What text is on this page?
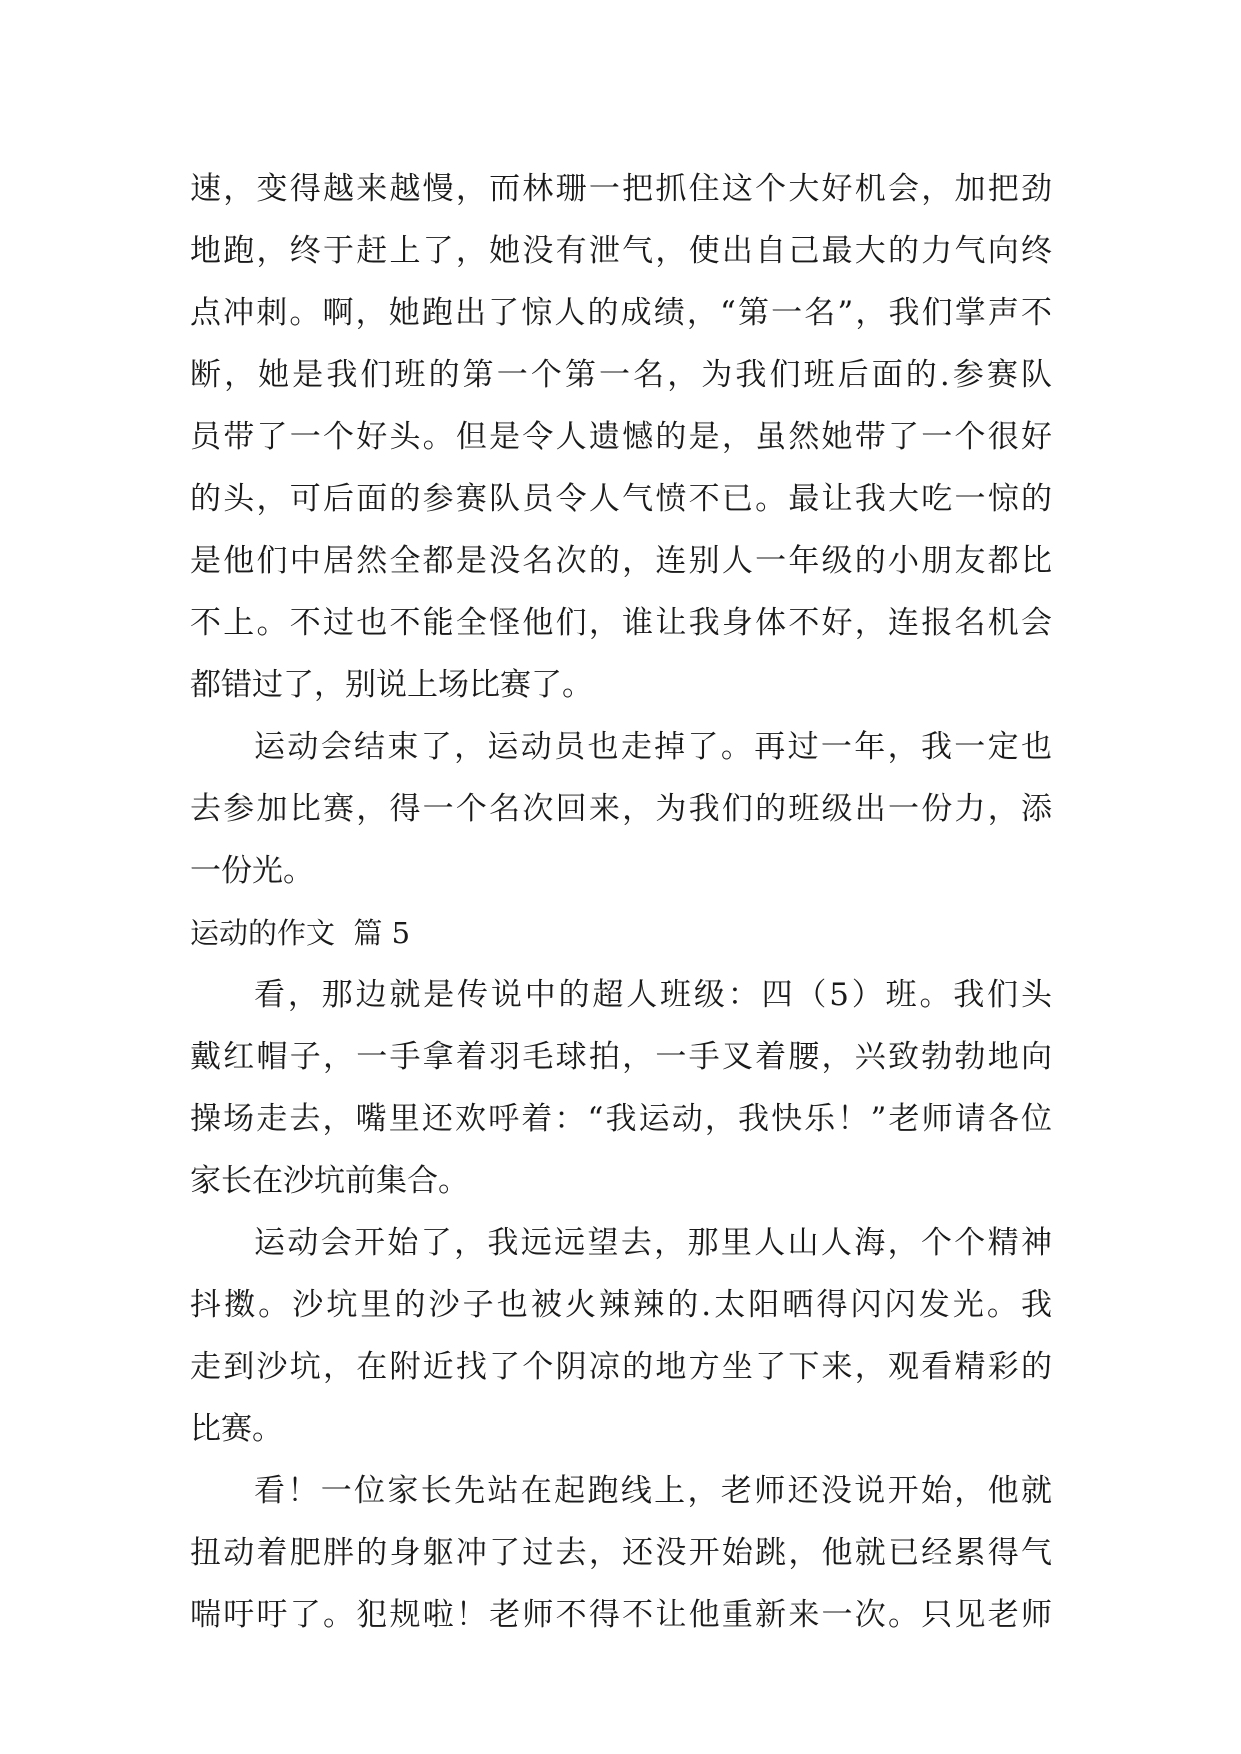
速，变得越来越慢，而林珊一把抓住这个大好机会，加把劲
地跑，终于赶上了，她没有泄气，使出自己最大的力气向终
点冲刺。啊，她跑出了惊人的成绩，“第一名”，我们掌声不
断，她是我们班的第一个第一名，为我们班后面的.参赛队
员带了一个好头。但是令人遗憾的是，虽然她带了一个很好
的头，可后面的参赛队员令人气愤不已。最让我大吃一惊的
是他们中居然全都是没名次的，连别人一年级的小朋友都比
不上。不过也不能全怪他们，谁让我身体不好，连报名机会
都错过了，别说上场比赛了。
运动会结束了，运动员也走掉了。再过一年，我一定也
去参加比赛，得一个名次回来，为我们的班级出一份力，添
一份光。
运动的作文  篇 5
看，那边就是传说中的超人班级：四（5）班。我们头
戴红帽子，一手拿着羽毛球拍，一手叉着腰，兴致勃勃地向
操场走去，嘴里还欢呼着：“我运动，我快乐！”老师请各位
家长在沙坑前集合。
运动会开始了，我远远望去，那里人山人海，个个精神
抖擞。沙坑里的沙子也被火辣辣的.太阳晒得闪闪发光。我
走到沙坑，在附近找了个阴凉的地方坐了下来，观看精彩的
比赛。
看！一位家长先站在起跑线上，老师还没说开始，他就
扭动着肥胖的身躯冲了过去，还没开始跳，他就已经累得气
喘吁吁了。犯规啦！老师不得不让他重新来一次。只见老师
